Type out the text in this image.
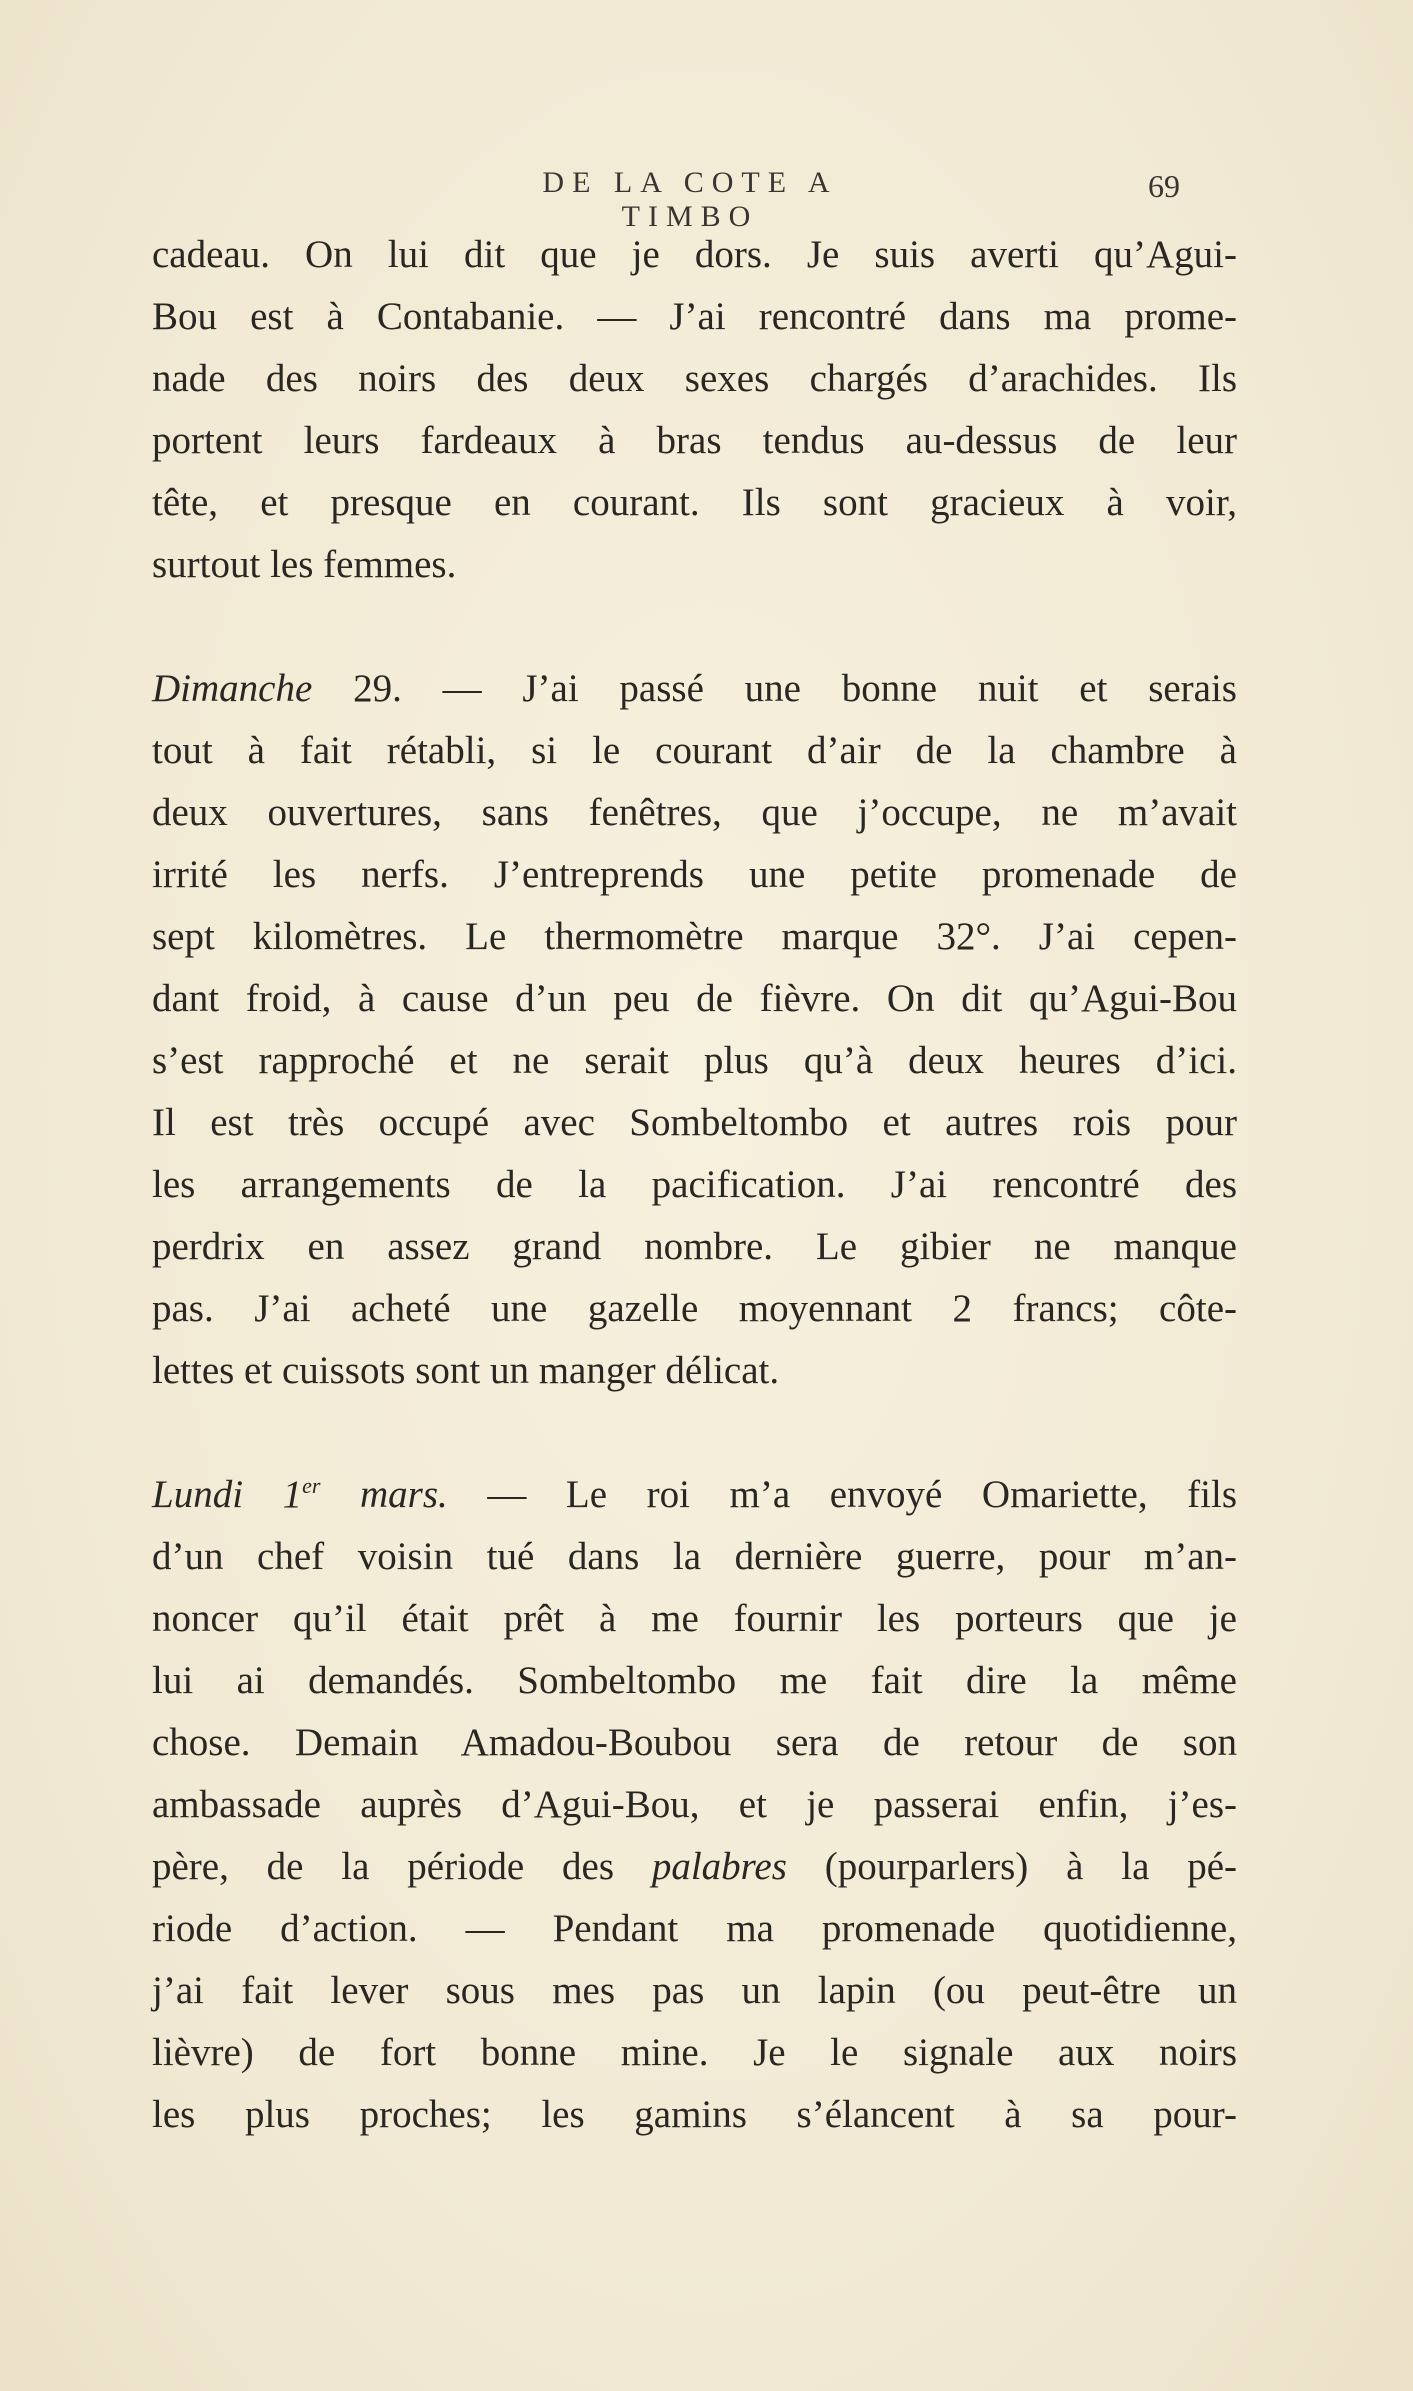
DE LA COTE A TIMBO
69
cadeau. On lui dit que je dors. Je suis averti qu’Agui-
Bou est à Contabanie. — J’ai rencontré dans ma prome-
nade des noirs des deux sexes chargés d’arachides. Ils
portent leurs fardeaux à bras tendus au-dessus de leur
tête, et presque en courant. Ils sont gracieux à voir,
surtout les femmes.
Dimanche 29. — J’ai passé une bonne nuit et serais
tout à fait rétabli, si le courant d’air de la chambre à
deux ouvertures, sans fenêtres, que j’occupe, ne m’avait
irrité les nerfs. J’entreprends une petite promenade de
sept kilomètres. Le thermomètre marque 32°. J’ai cepen-
dant froid, à cause d’un peu de fièvre. On dit qu’Agui-Bou
s’est rapproché et ne serait plus qu’à deux heures d’ici.
Il est très occupé avec Sombeltombo et autres rois pour
les arrangements de la pacification. J’ai rencontré des
perdrix en assez grand nombre. Le gibier ne manque
pas. J’ai acheté une gazelle moyennant 2 francs; côte-
lettes et cuissots sont un manger délicat.
Lundi 1er mars. — Le roi m’a envoyé Omariette, fils
d’un chef voisin tué dans la dernière guerre, pour m’an-
noncer qu’il était prêt à me fournir les porteurs que je
lui ai demandés. Sombeltombo me fait dire la même
chose. Demain Amadou-Boubou sera de retour de son
ambassade auprès d’Agui-Bou, et je passerai enfin, j’es-
père, de la période des palabres (pourparlers) à la pé-
riode d’action. — Pendant ma promenade quotidienne,
j’ai fait lever sous mes pas un lapin (ou peut-être un
lièvre) de fort bonne mine. Je le signale aux noirs
les plus proches; les gamins s’élancent à sa pour-
